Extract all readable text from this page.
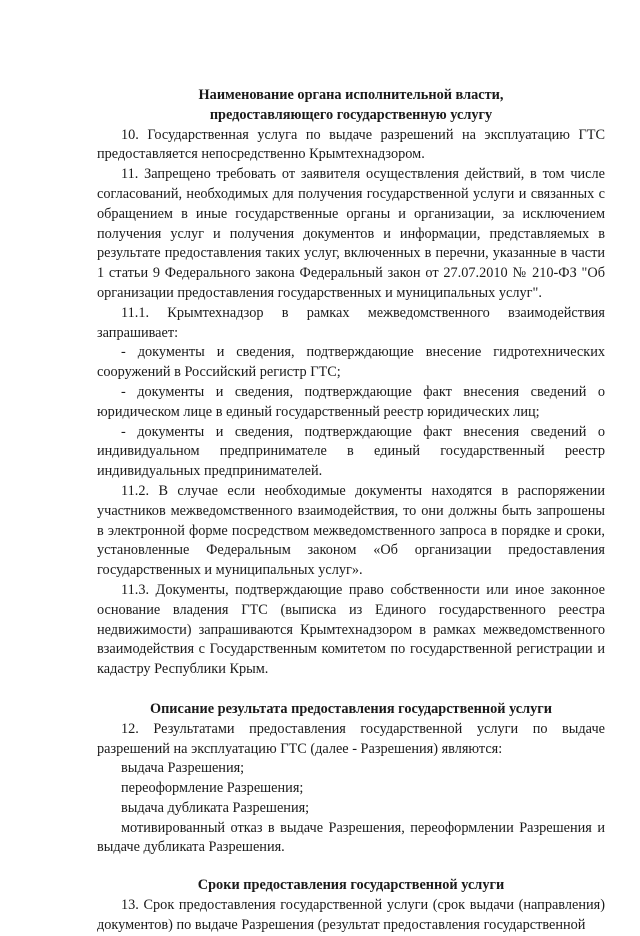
Наименование органа исполнительной власти,
предоставляющего государственную услугу

10. Государственная услуга по выдаче разрешений на эксплуатацию ГТС предоставляется непосредственно Крымтехнадзором.

11. Запрещено требовать от заявителя осуществления действий, в том числе согласований, необходимых для получения государственной услуги и связанных с обращением в иные государственные органы и организации, за исключением получения услуг и получения документов и информации, представляемых в результате предоставления таких услуг, включенных в перечни, указанные в части 1 статьи 9 Федерального закона Федеральный закон от 27.07.2010 № 210-ФЗ "Об организации предоставления государственных и муниципальных услуг".

11.1. Крымтехнадзор в рамках межведомственного взаимодействия запрашивает:

- документы и сведения, подтверждающие внесение гидротехнических сооружений в Российский регистр ГТС;

- документы и сведения, подтверждающие факт внесения сведений о юридическом лице в единый государственный реестр юридических лиц;

- документы и сведения, подтверждающие факт внесения сведений о индивидуальном предпринимателе в единый государственный реестр индивидуальных предпринимателей.

11.2. В случае если необходимые документы находятся в распоряжении участников межведомственного взаимодействия, то они должны быть запрошены в электронной форме посредством межведомственного запроса в порядке и сроки, установленные Федеральным законом «Об организации предоставления государственных и муниципальных услуг».

11.3. Документы, подтверждающие право собственности или иное законное основание владения ГТС (выписка из Единого государственного реестра недвижимости) запрашиваются Крымтехнадзором в рамках межведомственного взаимодействия с Государственным комитетом по государственной регистрации и кадастру Республики Крым.

Описание результата предоставления государственной услуги

12. Результатами предоставления государственной услуги по выдаче разрешений на эксплуатацию ГТС (далее - Разрешения) являются:

выдача Разрешения;

переоформление Разрешения;

выдача дубликата Разрешения;

мотивированный отказ в выдаче Разрешения, переоформлении Разрешения и выдаче дубликата Разрешения.

Сроки предоставления государственной услуги

13. Срок предоставления государственной услуги (срок выдачи (направления) документов) по выдаче Разрешения (результат предоставления государственной
